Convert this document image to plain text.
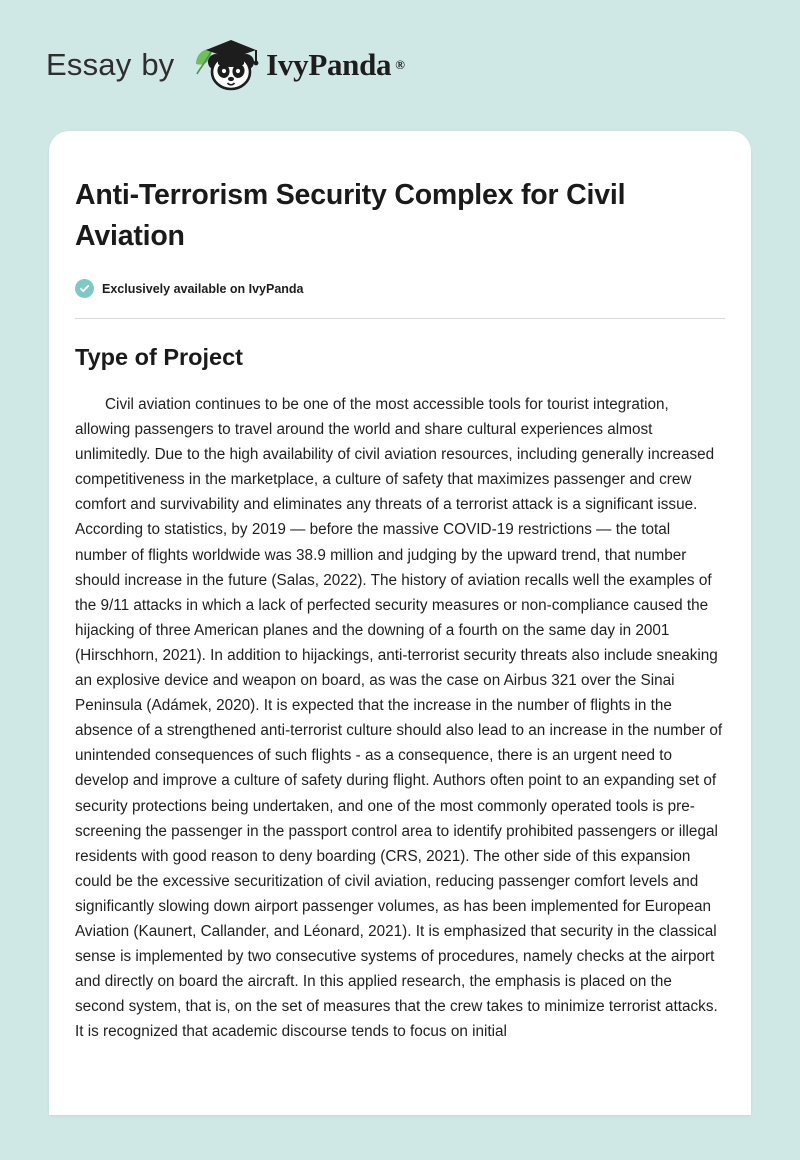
Essay by	IvyPanda ®
Anti-Terrorism Security Complex for Civil Aviation
Exclusively available on IvyPanda
Type of Project

Civil aviation continues to be one of the most accessible tools for tourist integration, allowing passengers to travel around the world and share cultural experiences almost unlimitedly. Due to the high availability of civil aviation resources, including generally increased competitiveness in the marketplace, a culture of safety that maximizes passenger and crew comfort and survivability and eliminates any threats of a terrorist attack is a significant issue. According to statistics, by 2019 — before the massive COVID-19 restrictions — the total number of flights worldwide was 38.9 million and judging by the upward trend, that number should increase in the future (Salas, 2022). The history of aviation recalls well the examples of the 9/11 attacks in which a lack of perfected security measures or non-compliance caused the hijacking of three American planes and the downing of a fourth on the same day in 2001 (Hirschhorn, 2021). In addition to hijackings, anti-terrorist security threats also include sneaking an explosive device and weapon on board, as was the case on Airbus 321 over the Sinai Peninsula (Adámek, 2020). It is expected that the increase in the number of flights in the absence of a strengthened anti-terrorist culture should also lead to an increase in the number of unintended consequences of such flights - as a consequence, there is an urgent need to develop and improve a culture of safety during flight. Authors often point to an expanding set of security protections being undertaken, and one of the most commonly operated tools is pre-screening the passenger in the passport control area to identify prohibited passengers or illegal residents with good reason to deny boarding (CRS, 2021). The other side of this expansion could be the excessive securitization of civil aviation, reducing passenger comfort levels and significantly slowing down airport passenger volumes, as has been implemented for European Aviation (Kaunert, Callander, and Léonard, 2021). It is emphasized that security in the classical sense is implemented by two consecutive systems of procedures, namely checks at the airport and directly on board the aircraft. In this applied research, the emphasis is placed on the second system, that is, on the set of measures that the crew takes to minimize terrorist attacks. It is recognized that academic discourse tends to focus on initial
